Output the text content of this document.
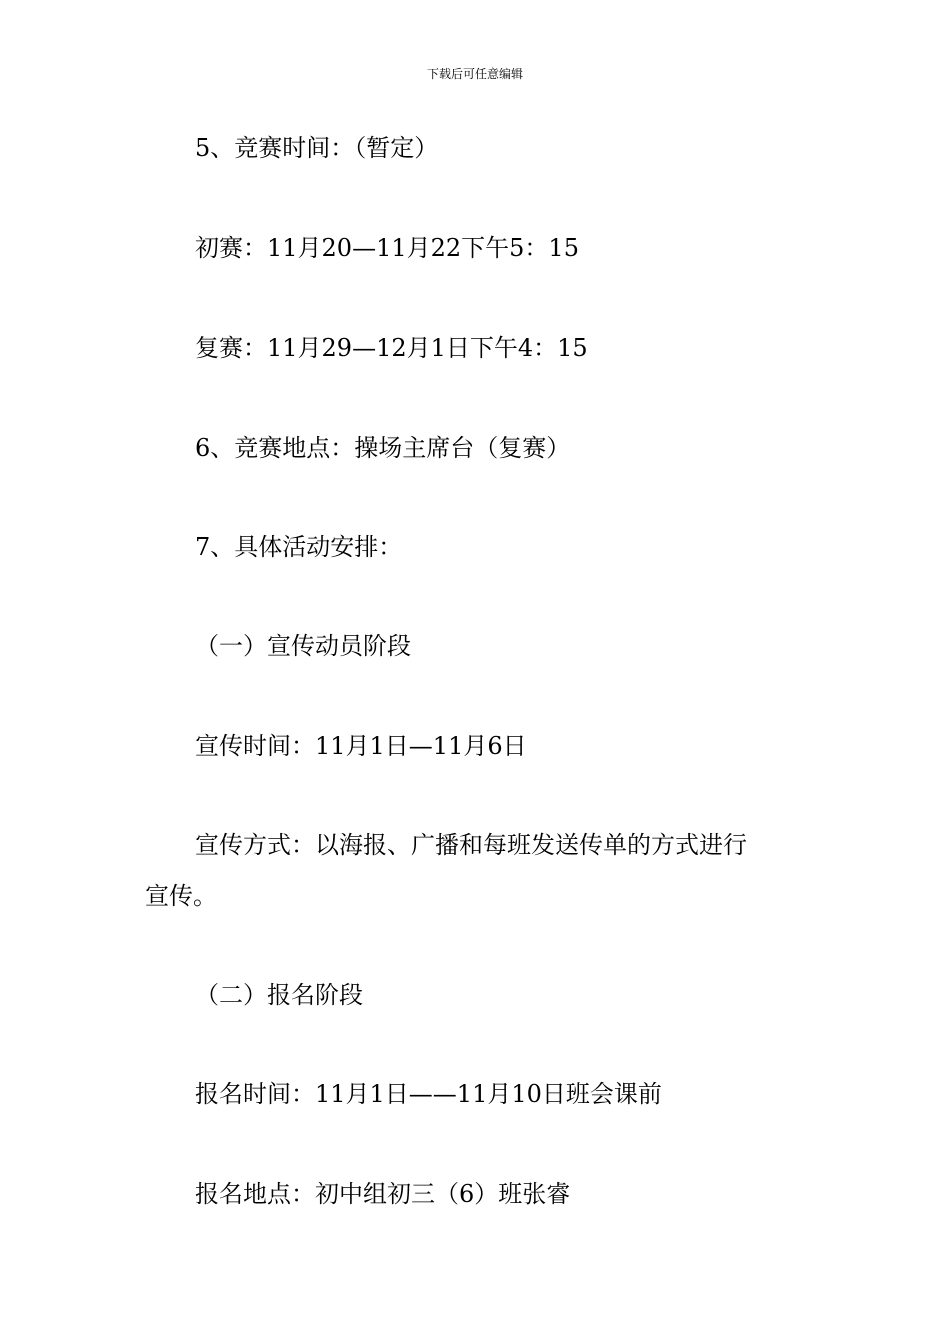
下载后可任意编辑
5、竞赛时间：（暂定）
初赛：11月20—11月22下午5：15
复赛：11月29—12月1日下午4：15
6、竞赛地点：操场主席台（复赛）
7、具体活动安排：
（一）宣传动员阶段
宣传时间：11月1日—11月6日
宣传方式：以海报、广播和每班发送传单的方式进行
宣传。
（二）报名阶段
报名时间：11月1日——11月10日班会课前
报名地点：初中组初三（6）班张睿
